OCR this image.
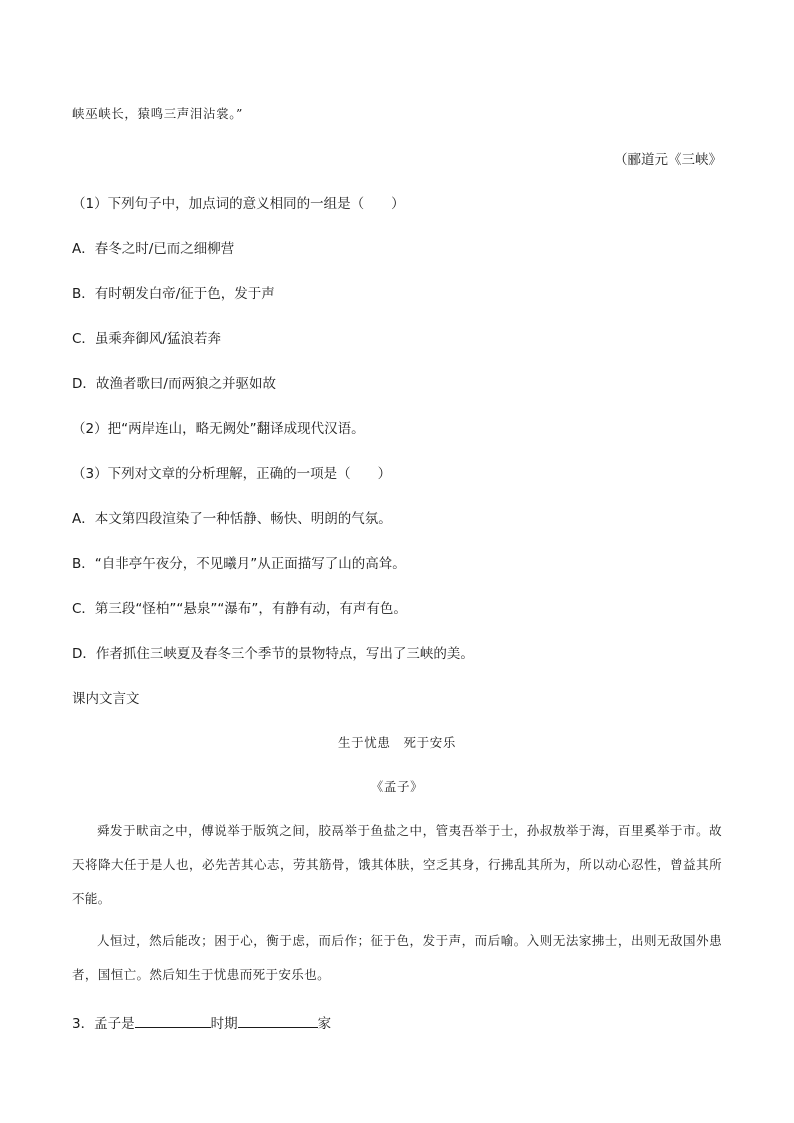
峡巫峡长，猿鸣三声泪沾裳。”
（郦道元《三峡》
（1）下列句子中，加点词的意义相同的一组是（　　）
A．春冬之时/已而之细柳营
B．有时朝发白帝/征于色，发于声
C．虽乘奔御风/猛浪若奔
D．故渔者歌曰/而两狼之并驱如故
（2）把“两岸连山，略无阙处”翻译成现代汉语。
（3）下列对文章的分析理解，正确的一项是（　　）
A．本文第四段渲染了一种恬静、畅快、明朗的气氛。
B．“自非亭午夜分，不见曦月”从正面描写了山的高耸。
C．第三段“怪柏”“悬泉”“瀑布”，有静有动，有声有色。
D．作者抓住三峡夏及春冬三个季节的景物特点，写出了三峡的美。
课内文言文
生于忧患　死于安乐
《孟子》
舜发于畎亩之中，傅说举于版筑之间，胶鬲举于鱼盐之中，管夷吾举于士，孙叔敖举于海，百里奚举于市。故天将降大任于是人也，必先苦其心志，劳其筋骨，饿其体肤，空乏其身，行拂乱其所为，所以动心忍性，曾益其所不能。
人恒过，然后能改；困于心，衡于虑，而后作；征于色，发于声，而后喻。入则无法家拂士，出则无敌国外患者，国恒亡。然后知生于忧患而死于安乐也。
3．孟子是	时期	家
